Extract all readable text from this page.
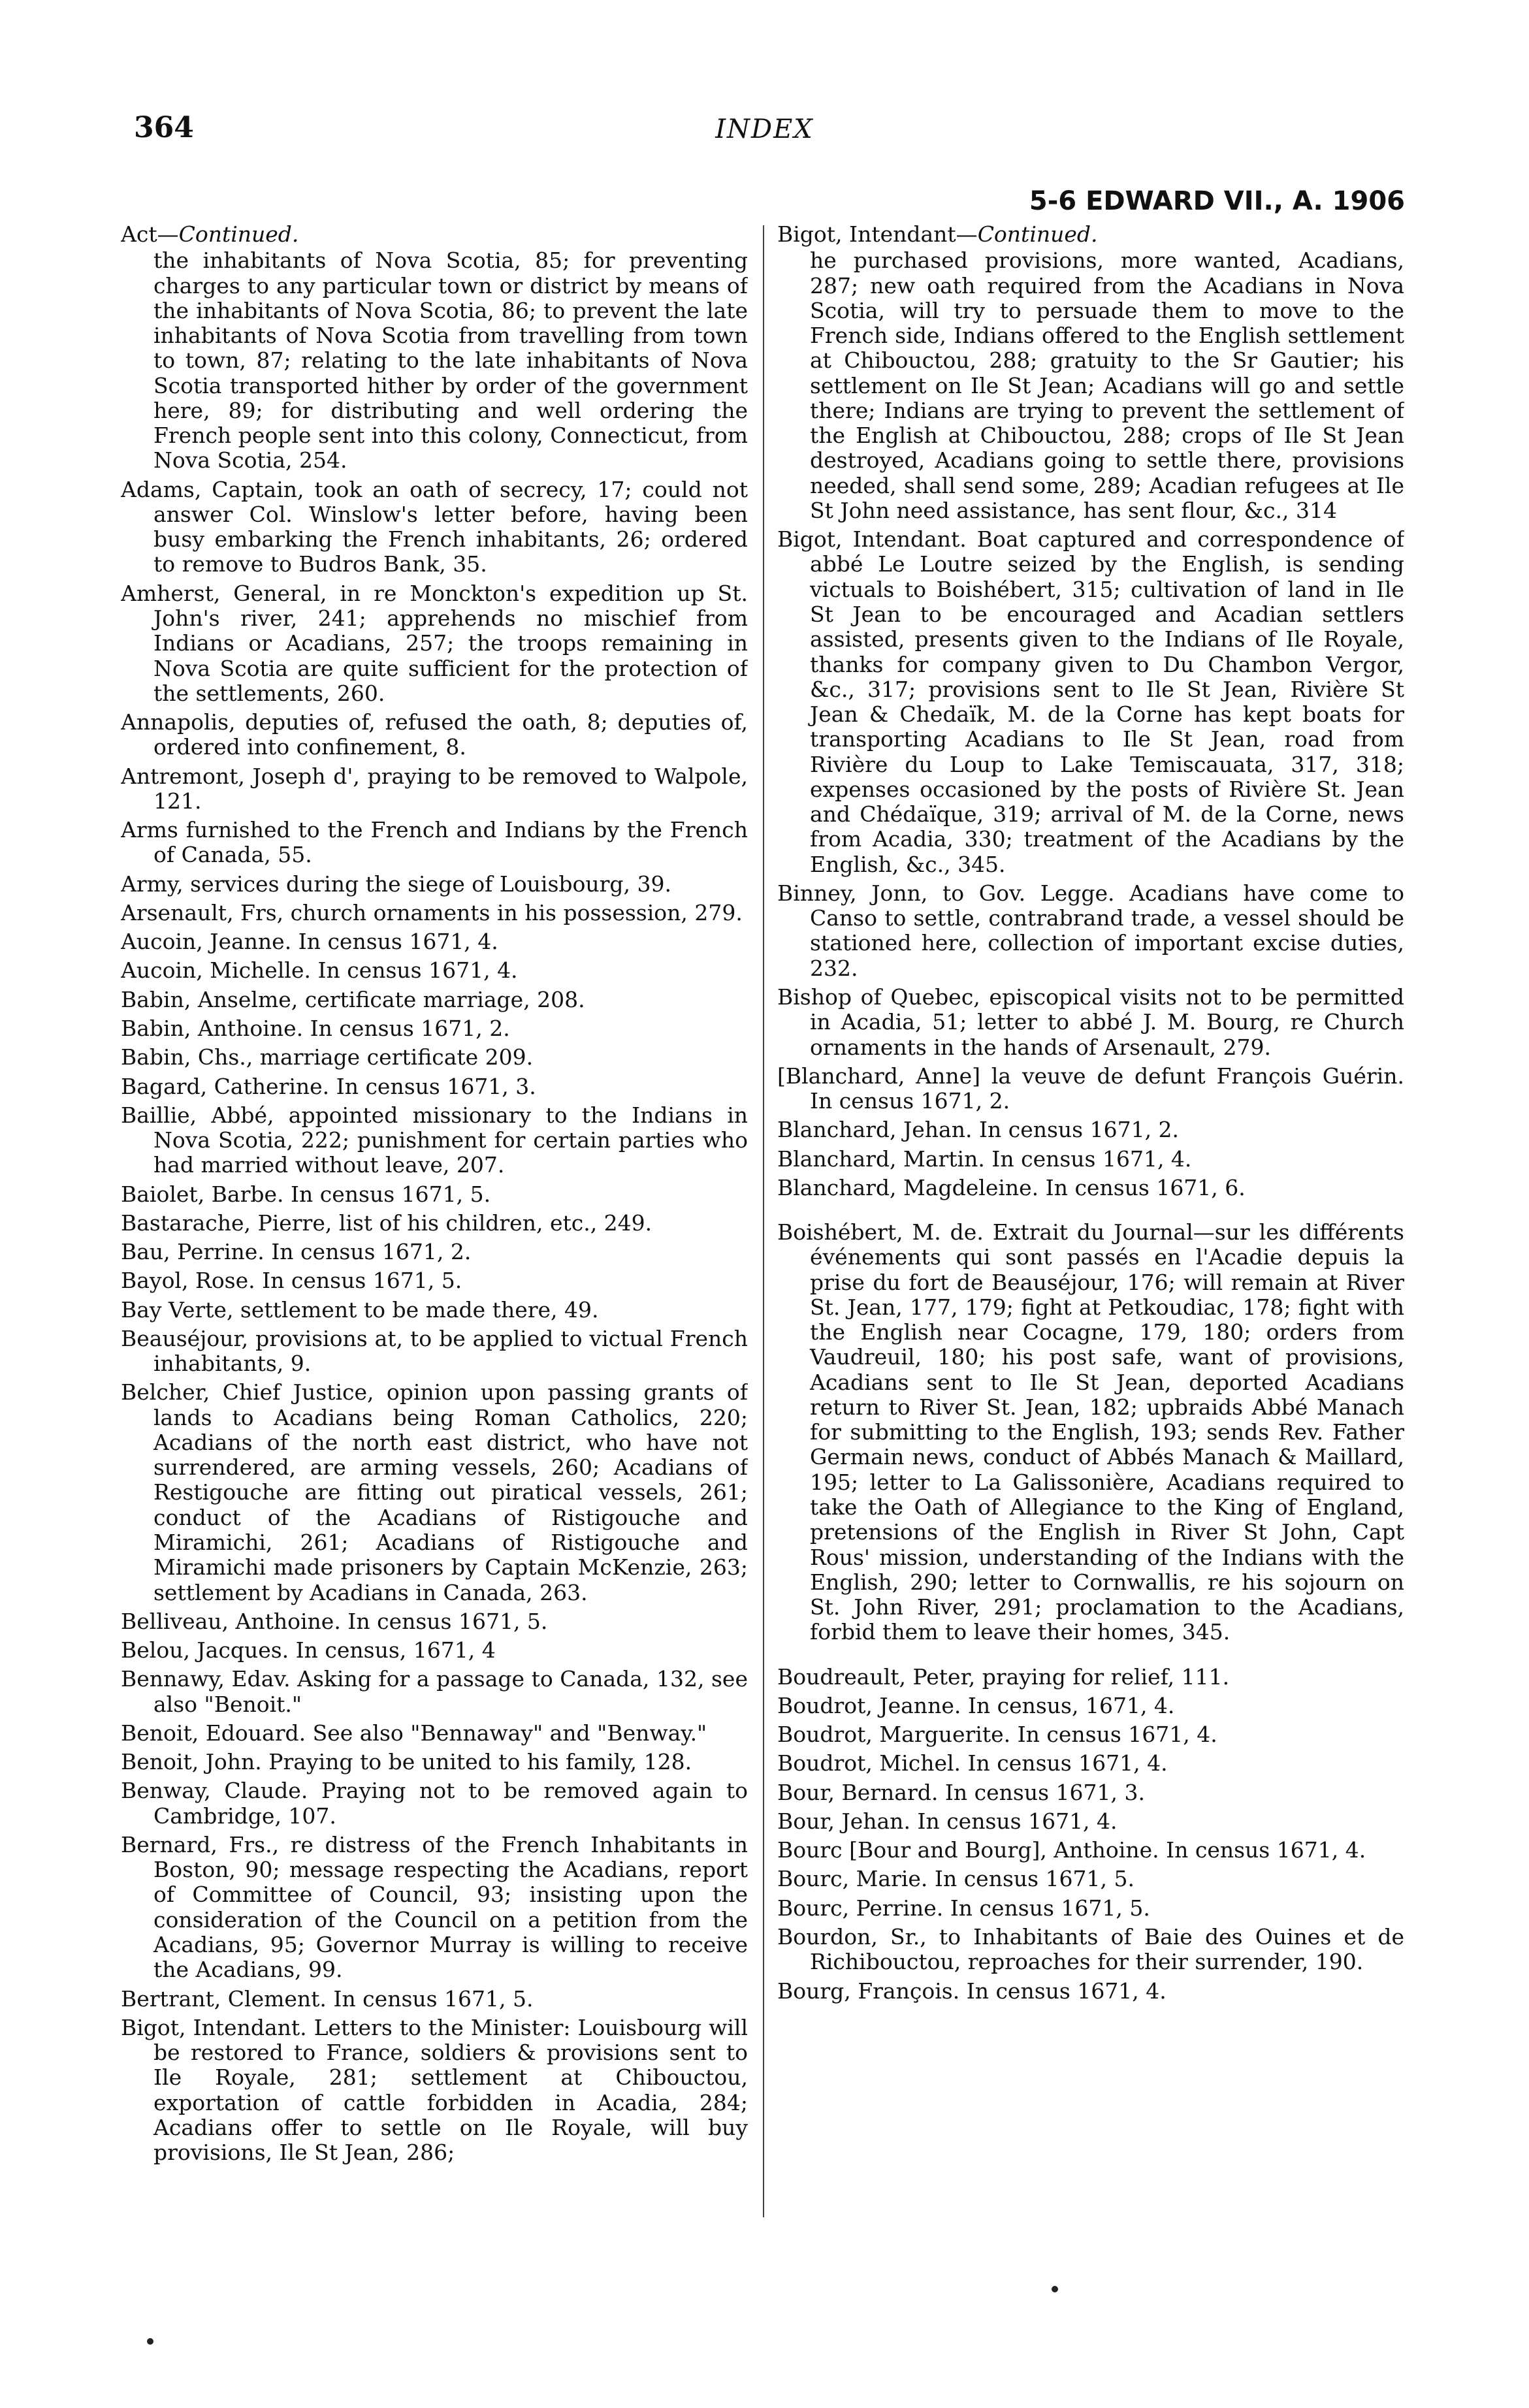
364	INDEX
5-6 EDWARD VII., A. 1906
Act—Continued.
the inhabitants of Nova Scotia, 85; for preventing charges to any particular town or district by means of the inhabitants of Nova Scotia, 86; to prevent the late inhabitants of Nova Scotia from travelling from town to town, 87; relating to the late inhabitants of Nova Scotia transported hither by order of the government here, 89; for distributing and well ordering the French people sent into this colony, Connecticut, from Nova Scotia, 254.
Adams, Captain, took an oath of secrecy, 17; could not answer Col. Winslow's letter before, having been busy embarking the French inhabitants, 26; ordered to remove to Budros Bank, 35.
Amherst, General, in re Monckton's expedition up St. John's river, 241; apprehends no mischief from Indians or Acadians, 257; the troops remaining in Nova Scotia are quite sufficient for the protection of the settlements, 260.
Annapolis, deputies of, refused the oath, 8; deputies of, ordered into confinement, 8.
Antremont, Joseph d', praying to be removed to Walpole, 121.
Arms furnished to the French and Indians by the French of Canada, 55.
Army, services during the siege of Louisbourg, 39.
Arsenault, Frs, church ornaments in his possession, 279.
Aucoin, Jeanne. In census 1671, 4.
Aucoin, Michelle. In census 1671, 4.
Babin, Anselme, certificate marriage, 208.
Babin, Anthoine. In census 1671, 2.
Babin, Chs., marriage certificate 209.
Bagard, Catherine. In census 1671, 3.
Baillie, Abbé, appointed missionary to the Indians in Nova Scotia, 222; punishment for certain parties who had married without leave, 207.
Baiolet, Barbe. In census 1671, 5.
Bastarache, Pierre, list of his children, etc., 249.
Bau, Perrine. In census 1671, 2.
Bayol, Rose. In census 1671, 5.
Bay Verte, settlement to be made there, 49.
Beauséjour, provisions at, to be applied to victual French inhabitants, 9.
Belcher, Chief Justice, opinion upon passing grants of lands to Acadians being Roman Catholics, 220; Acadians of the north east district, who have not surrendered, are arming vessels, 260; Acadians of Restigouche are fitting out piratical vessels, 261; conduct of the Acadians of Ristigouche and Miramichi, 261; Acadians of Ristigouche and Miramichi made prisoners by Captain McKenzie, 263; settlement by Acadians in Canada, 263.
Belliveau, Anthoine. In census 1671, 5.
Belou, Jacques. In census, 1671, 4
Bennawy, Edav. Asking for a passage to Canada, 132, see also "Benoit."
Benoit, Edouard. See also "Bennaway" and "Benway."
Benoit, John. Praying to be united to his family, 128.
Benway, Claude. Praying not to be removed again to Cambridge, 107.
Bernard, Frs., re distress of the French Inhabitants in Boston, 90; message respecting the Acadians, report of Committee of Council, 93; insisting upon the consideration of the Council on a petition from the Acadians, 95; Governor Murray is willing to receive the Acadians, 99.
Bertrant, Clement. In census 1671, 5.
Bigot, Intendant. Letters to the Minister: Louisbourg will be restored to France, soldiers & provisions sent to Ile Royale, 281; settlement at Chibouctou, exportation of cattle forbidden in Acadia, 284; Acadians offer to settle on Ile Royale, will buy provisions, Ile St Jean, 286;
Bigot, Intendant—Continued.
he purchased provisions, more wanted, Acadians, 287; new oath required from the Acadians in Nova Scotia, will try to persuade them to move to the French side, Indians offered to the English settlement at Chibouctou, 288; gratuity to the Sr Gautier; his settlement on Ile St Jean; Acadians will go and settle there; Indians are trying to prevent the settlement of the English at Chibouctou, 288; crops of Ile St Jean destroyed, Acadians going to settle there, provisions needed, shall send some, 289; Acadian refugees at Ile St John need assistance, has sent flour, &c., 314
Bigot, Intendant. Boat captured and correspondence of abbé Le Loutre seized by the English, is sending victuals to Boishébert, 315; cultivation of land in Ile St Jean to be encouraged and Acadian settlers assisted, presents given to the Indians of Ile Royale, thanks for company given to Du Chambon Vergor, &c., 317; provisions sent to Ile St Jean, Rivière St Jean & Chedaïk, M. de la Corne has kept boats for transporting Acadians to Ile St Jean, road from Rivière du Loup to Lake Temiscauata, 317, 318; expenses occasioned by the posts of Rivière St. Jean and Chédaïque, 319; arrival of M. de la Corne, news from Acadia, 330; treatment of the Acadians by the English, &c., 345.
Binney, Jonn, to Gov. Legge. Acadians have come to Canso to settle, contrabrand trade, a vessel should be stationed here, collection of important excise duties, 232.
Bishop of Quebec, episcopical visits not to be permitted in Acadia, 51; letter to abbé J. M. Bourg, re Church ornaments in the hands of Arsenault, 279.
[Blanchard, Anne] la veuve de defunt François Guérin. In census 1671, 2.
Blanchard, Jehan. In census 1671, 2.
Blanchard, Martin. In census 1671, 4.
Blanchard, Magdeleine. In census 1671, 6.
Boishébert, M. de. Extrait du Journal—sur les différents événements qui sont passés en l'Acadie depuis la prise du fort de Beauséjour, 176; will remain at River St. Jean, 177, 179; fight at Petkoudiac, 178; fight with the English near Cocagne, 179, 180; orders from Vaudreuil, 180; his post safe, want of provisions, Acadians sent to Ile St Jean, deported Acadians return to River St. Jean, 182; upbraids Abbé Manach for submitting to the English, 193; sends Rev. Father Germain news, conduct of Abbés Manach & Maillard, 195; letter to La Galissonière, Acadians required to take the Oath of Allegiance to the King of England, pretensions of the English in River St John, Capt Rous' mission, understanding of the Indians with the English, 290; letter to Cornwallis, re his sojourn on St. John River, 291; proclamation to the Acadians, forbid them to leave their homes, 345.
Boudreault, Peter, praying for relief, 111.
Boudrot, Jeanne. In census, 1671, 4.
Boudrot, Marguerite. In census 1671, 4.
Boudrot, Michel. In census 1671, 4.
Bour, Bernard. In census 1671, 3.
Bour, Jehan. In census 1671, 4.
Bourc [Bour and Bourg], Anthoine. In census 1671, 4.
Bourc, Marie. In census 1671, 5.
Bourc, Perrine. In census 1671, 5.
Bourdon, Sr., to Inhabitants of Baie des Ouines et de Richibouctou, reproaches for their surrender, 190.
Bourg, François. In census 1671, 4.
